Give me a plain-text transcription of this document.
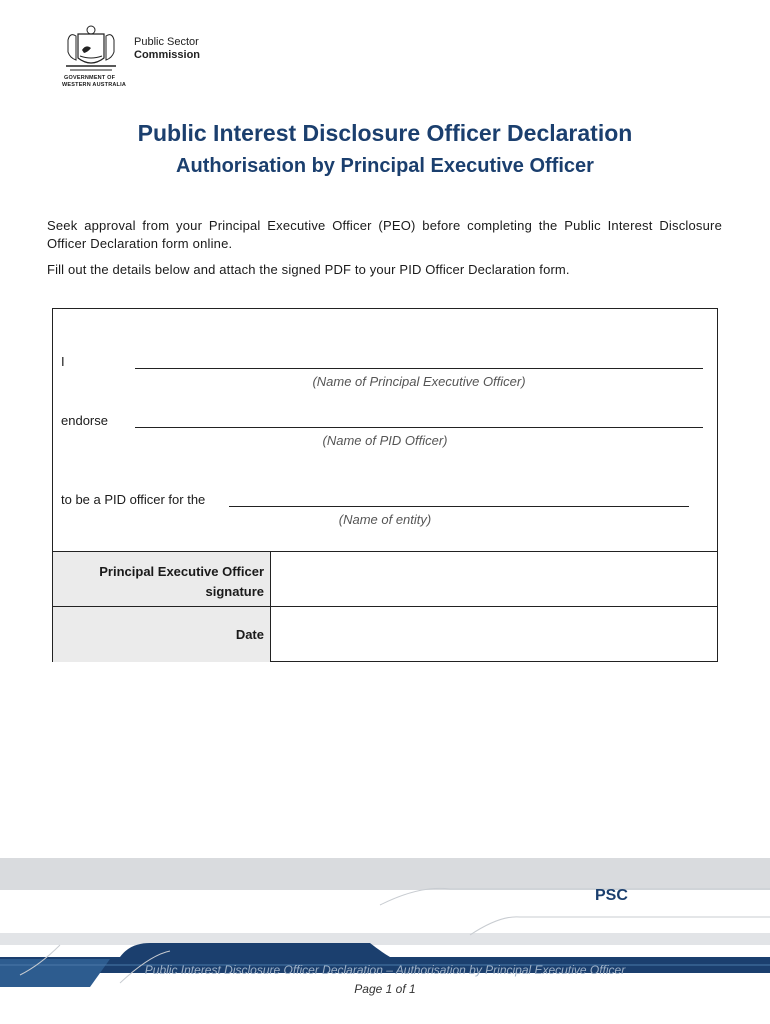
Public Sector
Commission
GOVERNMENT OF
WESTERN AUSTRALIA
Public Interest Disclosure Officer Declaration
Authorisation by Principal Executive Officer

Seek approval from your Principal Executive Officer (PEO) before completing the Public Interest Disclosure Officer Declaration form online.

Fill out the details below and attach the signed PDF to your PID Officer Declaration form.

I
(Name of Principal Executive Officer)
endorse
(Name of PID Officer)
to be a PID officer for the
(Name of entity)
Principal Executive Officer
signature
Date
PSC
Public Interest Disclosure Officer Declaration – Authorisation by Principal Executive Officer
Page 1 of 1
